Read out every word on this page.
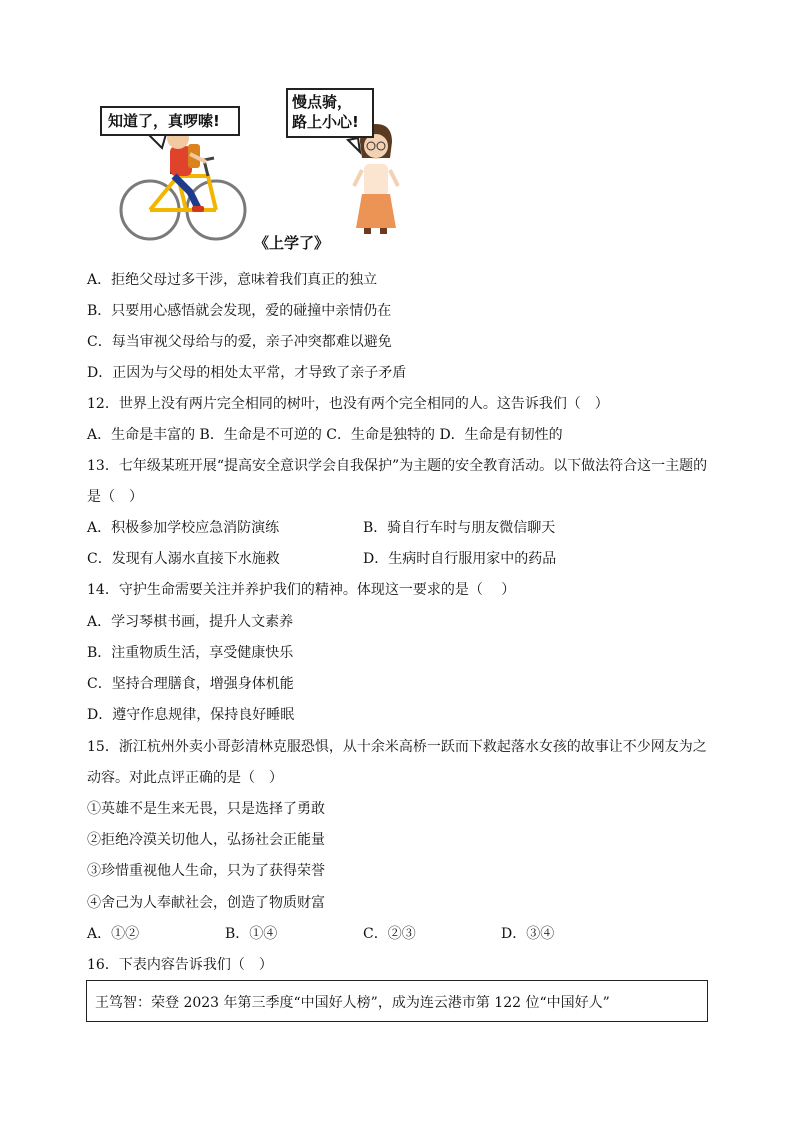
知道了，真啰嗦!
慢点骑，
路上小心!
《上学了》
A．拒绝父母过多干涉，意味着我们真正的独立
B．只要用心感悟就会发现，爱的碰撞中亲情仍在
C．每当审视父母给与的爱，亲子冲突都难以避免
D．正因为与父母的相处太平常，才导致了亲子矛盾
12．世界上没有两片完全相同的树叶，也没有两个完全相同的人。这告诉我们（　）
A．生命是丰富的 B．生命是不可逆的 C．生命是独特的 D．生命是有韧性的
13．七年级某班开展“提高安全意识学会自我保护”为主题的安全教育活动。以下做法符合这一主题的
是（　）
A．积极参加学校应急消防演练	B．骑自行车时与朋友微信聊天
C．发现有人溺水直接下水施救	D．生病时自行服用家中的药品
14．守护生命需要关注并养护我们的精神。体现这一要求的是（　 ）
A．学习琴棋书画，提升人文素养
B．注重物质生活，享受健康快乐
C．坚持合理膳食，增强身体机能
D．遵守作息规律，保持良好睡眠
15．浙江杭州外卖小哥彭清林克服恐惧，从十余米高桥一跃而下救起落水女孩的故事让不少网友为之
动容。对此点评正确的是（　）
①英雄不是生来无畏，只是选择了勇敢
②拒绝冷漠关切他人，弘扬社会正能量
③珍惜重视他人生命，只为了获得荣誉
④舍己为人奉献社会，创造了物质财富
A．①②	B．①④	C．②③	D．③④
16．下表内容告诉我们（　）
王笃智：荣登 2023 年第三季度“中国好人榜”，成为连云港市第 122 位“中国好人”
